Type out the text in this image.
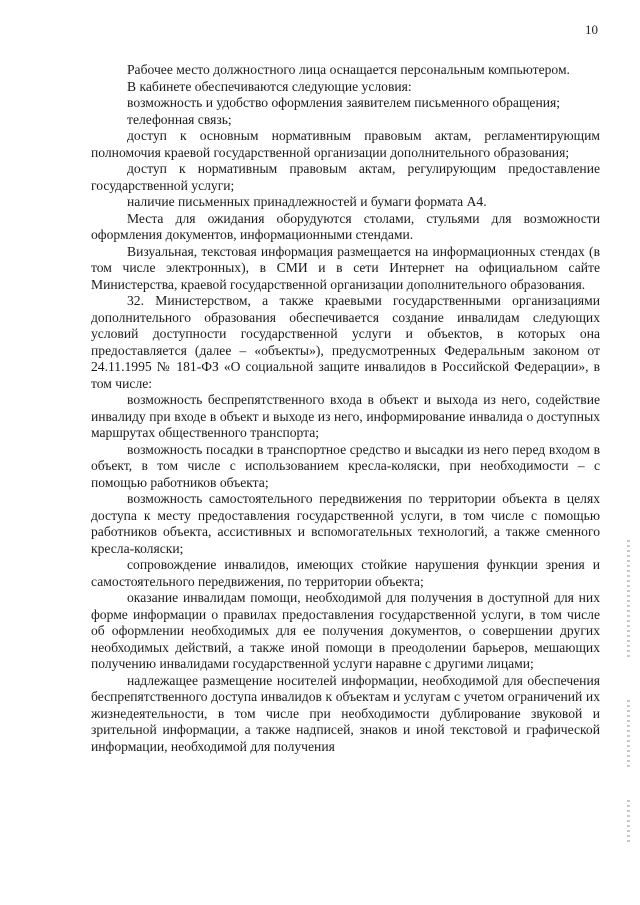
10

Рабочее место должностного лица оснащается персональным компьютером.

В кабинете обеспечиваются следующие условия:

возможность и удобство оформления заявителем письменного обращения;

телефонная связь;

доступ к основным нормативным правовым актам, регламентирующим полномочия краевой государственной организации дополнительного образования;

доступ к нормативным правовым актам, регулирующим предоставление государственной услуги;

наличие письменных принадлежностей и бумаги формата А4.

Места для ожидания оборудуются столами, стульями для возможности оформления документов, информационными стендами.

Визуальная, текстовая информация размещается на информационных стендах (в том числе электронных), в СМИ и в сети Интернет на официальном сайте Министерства, краевой государственной организации дополнительного образования.

32. Министерством, а также краевыми государственными организациями дополнительного образования обеспечивается создание инвалидам следующих условий доступности государственной услуги и объектов, в которых она предоставляется (далее – «объекты»), предусмотренных Федеральным законом от 24.11.1995 № 181-ФЗ «О социальной защите инвалидов в Российской Федерации», в том числе:

возможность беспрепятственного входа в объект и выхода из него, содействие инвалиду при входе в объект и выходе из него, информирование инвалида о доступных маршрутах общественного транспорта;

возможность посадки в транспортное средство и высадки из него перед входом в объект, в том числе с использованием кресла-коляски, при необходимости – с помощью работников объекта;

возможность самостоятельного передвижения по территории объекта в целях доступа к месту предоставления государственной услуги, в том числе с помощью работников объекта, ассистивных и вспомогательных технологий, а также сменного кресла-коляски;

сопровождение инвалидов, имеющих стойкие нарушения функции зрения и самостоятельного передвижения, по территории объекта;

оказание инвалидам помощи, необходимой для получения в доступной для них форме информации о правилах предоставления государственной услуги, в том числе об оформлении необходимых для ее получения документов, о совершении других необходимых действий, а также иной помощи в преодолении барьеров, мешающих получению инвалидами государственной услуги наравне с другими лицами;

надлежащее размещение носителей информации, необходимой для обеспечения беспрепятственного доступа инвалидов к объектам и услугам с учетом ограничений их жизнедеятельности, в том числе при необходимости дублирование звуковой и зрительной информации, а также надписей, знаков и иной текстовой и графической информации, необходимой для получения
